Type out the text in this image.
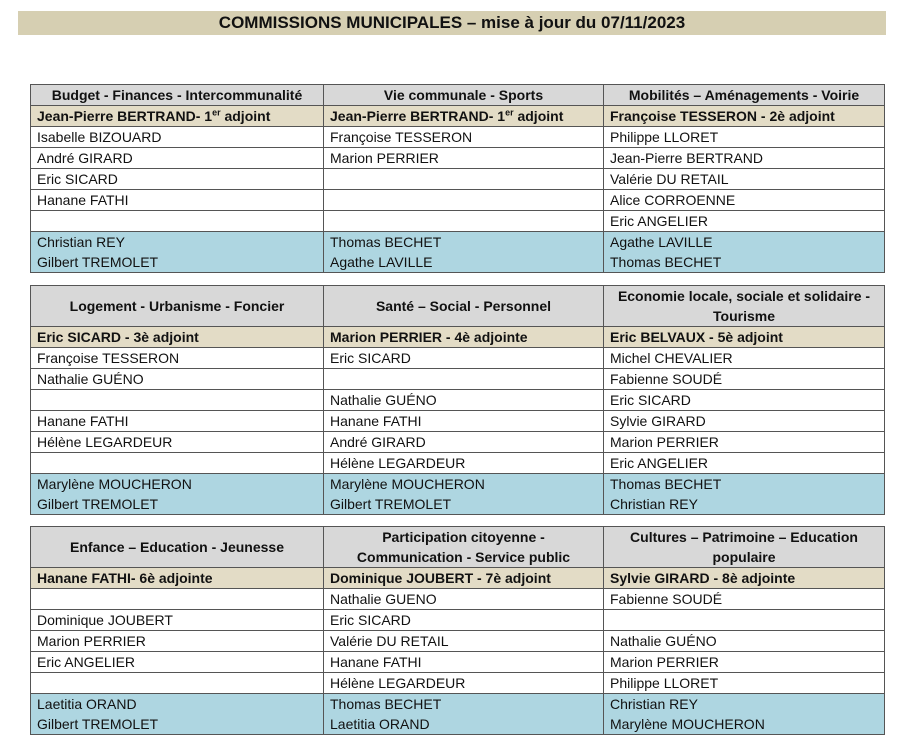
COMMISSIONS MUNICIPALES – mise à jour du 07/11/2023
Budget - Finances - Intercommunalité	Vie communale - Sports	Mobilités – Aménagements - Voirie
Jean-Pierre BERTRAND- 1er adjoint	Jean-Pierre BERTRAND- 1er adjoint	Françoise TESSERON - 2è adjoint
Isabelle BIZOUARD	Françoise TESSERON	Philippe LLORET
André GIRARD	Marion PERRIER	Jean-Pierre BERTRAND
Eric SICARD		Valérie DU RETAIL
Hanane FATHI		Alice CORROENNE
		Eric ANGELIER
Christian REY	Thomas BECHET	Agathe LAVILLE
Gilbert TREMOLET	Agathe LAVILLE	Thomas BECHET
Logement - Urbanisme - Foncier	Santé – Social - Personnel	Economie locale, sociale et solidaire - Tourisme
Eric SICARD - 3è adjoint	Marion PERRIER - 4è adjointe	Eric BELVAUX - 5è adjoint
Françoise TESSERON	Eric SICARD	Michel CHEVALIER
Nathalie GUÉNO		Fabienne SOUDÉ
	Nathalie GUÉNO	Eric SICARD
Hanane FATHI	Hanane FATHI	Sylvie GIRARD
Hélène LEGARDEUR	André GIRARD	Marion PERRIER
	Hélène LEGARDEUR	Eric ANGELIER
Marylène MOUCHERON	Marylène MOUCHERON	Thomas BECHET
Gilbert TREMOLET	Gilbert TREMOLET	Christian REY
Enfance – Education - Jeunesse	Participation citoyenne - Communication - Service public	Cultures – Patrimoine – Education populaire
Hanane FATHI- 6è adjointe	Dominique JOUBERT - 7è adjoint	Sylvie GIRARD - 8è adjointe
	Nathalie GUENO	Fabienne SOUDÉ
Dominique JOUBERT	Eric SICARD	
Marion PERRIER	Valérie DU RETAIL	Nathalie GUÉNO
Eric ANGELIER	Hanane FATHI	Marion PERRIER
	Hélène LEGARDEUR	Philippe LLORET
Laetitia ORAND	Thomas BECHET	Christian REY
Gilbert TREMOLET	Laetitia ORAND	Marylène MOUCHERON
